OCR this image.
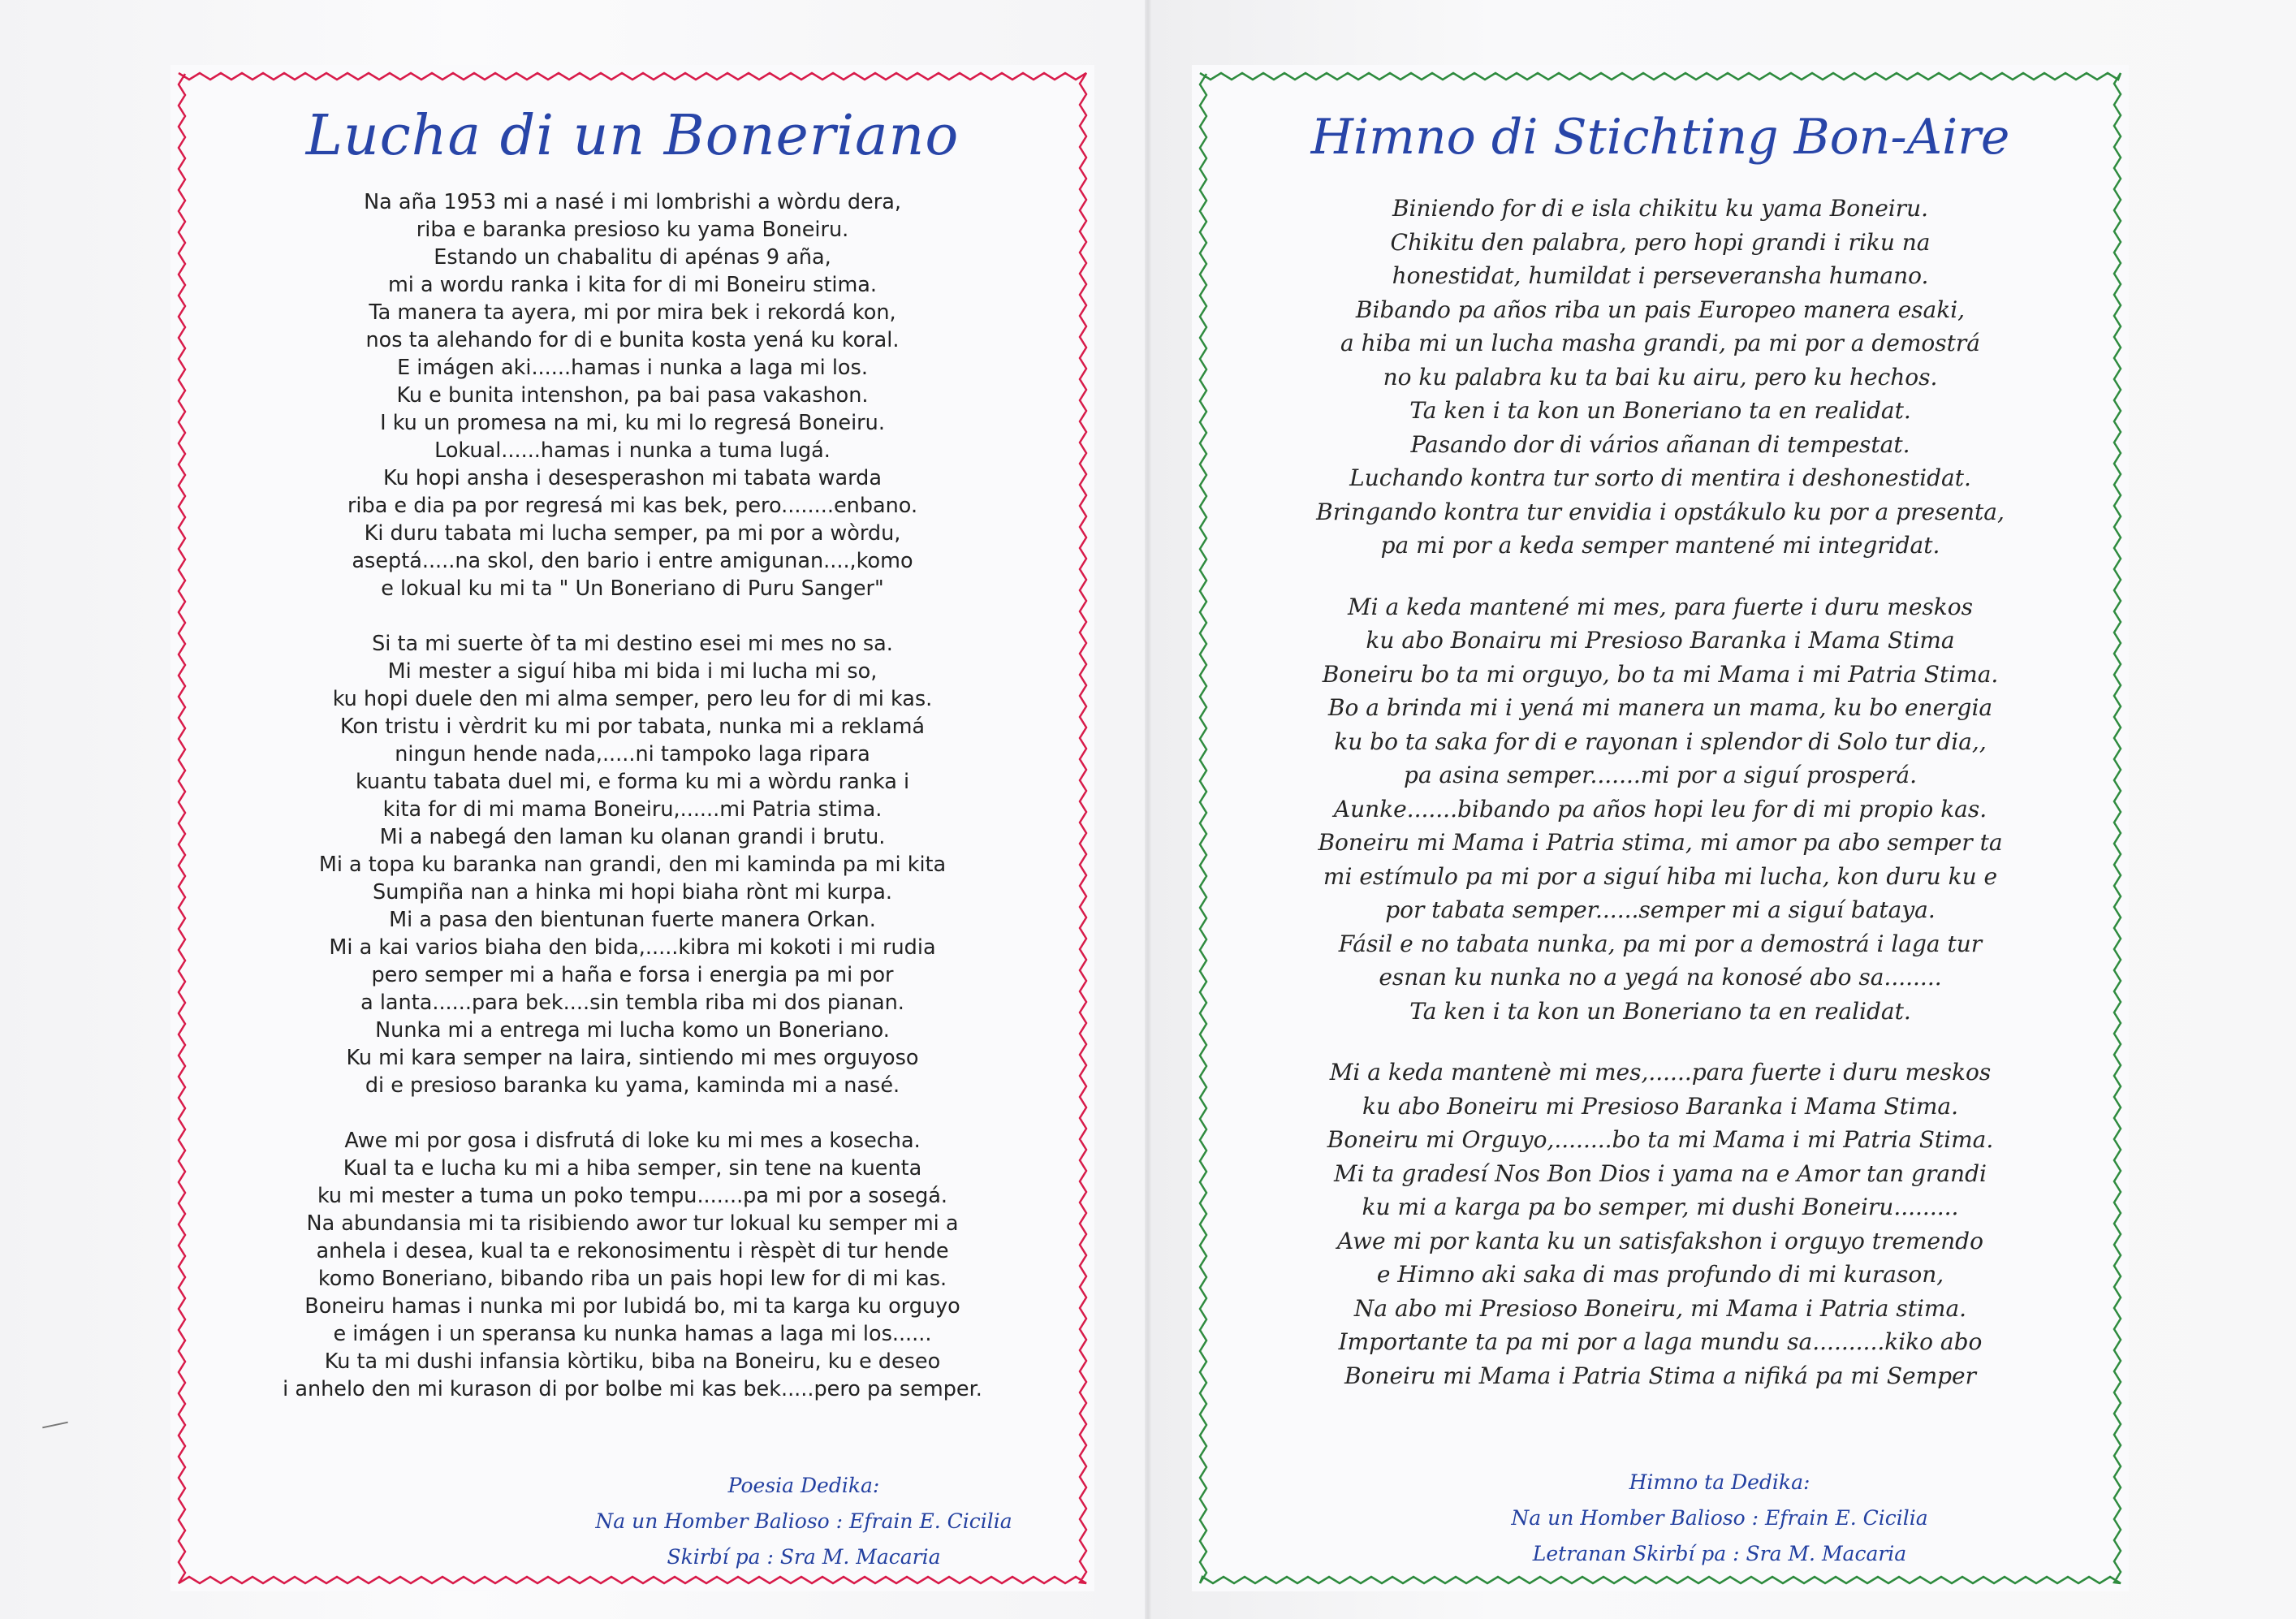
Lucha di un Boneriano

Na aña 1953 mi a nasé i mi lombrishi a wòrdu dera,
riba e baranka presioso ku yama Boneiru.
Estando un chabalitu di apénas 9 aña,
mi a wordu ranka i kita for di mi Boneiru stima.
Ta manera ta ayera, mi por mira bek i rekordá kon,
nos ta alehando for di e bunita kosta yená ku koral.
E imágen aki......hamas i nunka a laga mi los.
Ku e bunita intenshon, pa bai pasa vakashon.
I ku un promesa na mi, ku mi lo regresá Boneiru.
Lokual......hamas i nunka a tuma lugá.
Ku hopi ansha i desesperashon mi tabata warda
riba e dia pa por regresá mi kas bek, pero........enbano.
Ki duru tabata mi lucha semper, pa mi por a wòrdu,
aseptá.....na skol, den bario i entre amigunan....,komo
e lokual ku mi ta " Un Boneriano di Puru Sanger"

Si ta mi suerte òf ta mi destino esei mi mes no sa.
Mi mester a siguí hiba mi bida i mi lucha mi so,
ku hopi duele den mi alma semper, pero leu for di mi kas.
Kon tristu i vèrdrit ku mi por tabata, nunka mi a reklamá
ningun hende nada,.....ni tampoko laga ripara
kuantu tabata duel mi, e forma ku mi a wòrdu ranka i
kita for di mi mama Boneiru,......mi Patria stima.
Mi a nabegá den laman ku olanan grandi i brutu.
Mi a topa ku baranka nan grandi, den mi kaminda pa mi kita
Sumpiña nan a hinka mi hopi biaha rònt mi kurpa.
Mi a pasa den bientunan fuerte manera Orkan.
Mi a kai varios biaha den bida,.....kibra mi kokoti i mi rudia
pero semper mi a haña e forsa i energia pa mi por
a lanta......para bek....sin tembla riba mi dos pianan.
Nunka mi a entrega mi lucha komo un Boneriano.
Ku mi kara semper na laira, sintiendo mi mes orguyoso
di e presioso baranka ku yama, kaminda mi a nasé.

Awe mi por gosa i disfrutá di loke ku mi mes a kosecha.
Kual ta e lucha ku mi a hiba semper, sin tene na kuenta
ku mi mester a tuma un poko tempu.......pa mi por a sosegá.
Na abundansia mi ta risibiendo awor tur lokual ku semper mi a
anhela i desea, kual ta e rekonosimentu i rèspèt di tur hende
komo Boneriano, bibando riba un pais hopi lew for di mi kas.
Boneiru hamas i nunka mi por lubidá bo, mi ta karga ku orguyo
e imágen i un speransa ku nunka hamas a laga mi los......
Ku ta mi dushi infansia kòrtiku, biba na Boneiru, ku e deseo
i anhelo den mi kurason di por bolbe mi kas bek.....pero pa semper.

Poesia Dedika:
Na un Homber Balioso : Efrain E. Cicilia
Skirbí pa : Sra M. Macaria
Himno di Stichting Bon-Aire

Biniendo for di e isla chikitu ku yama Boneiru.
Chikitu den palabra, pero hopi grandi i riku na
honestidat, humildat i perseveransha humano.
Bibando pa años riba un pais Europeo manera esaki,
a hiba mi un lucha masha grandi, pa mi por a demostrá
no ku palabra ku ta bai ku airu, pero ku hechos.
Ta ken i ta kon un Boneriano ta en realidat.
Pasando dor di vários añanan di tempestat.
Luchando kontra tur sorto di mentira i deshonestidat.
Bringando kontra tur envidia i opstákulo ku por a presenta,
pa mi por a keda semper mantené mi integridat.

Mi a keda mantené mi mes, para fuerte i duru meskos
ku abo Bonairu mi Presioso Baranka i Mama Stima
Boneiru bo ta mi orguyo, bo ta mi Mama i mi Patria Stima.
Bo a brinda mi i yená mi manera un mama, ku bo energia
ku bo ta saka for di e rayonan i splendor di Solo tur dia,,
pa asina semper.......mi por a siguí prosperá.
Aunke.......bibando pa años hopi leu for di mi propio kas.
Boneiru mi Mama i Patria stima, mi amor pa abo semper ta
mi estímulo pa mi por a siguí hiba mi lucha, kon duru ku e
por tabata semper......semper mi a siguí bataya.
Fásil e no tabata nunka, pa mi por a demostrá i laga tur
esnan ku nunka no a yegá na konosé abo sa........
Ta ken i ta kon un Boneriano ta en realidat.

Mi a keda mantenè mi mes,......para fuerte i duru meskos
ku abo Boneiru mi Presioso Baranka i Mama Stima.
Boneiru mi Orguyo,........bo ta mi Mama i mi Patria Stima.
Mi ta gradesí Nos Bon Dios i yama na e Amor tan grandi
ku mi a karga pa bo semper, mi dushi Boneiru.........
Awe mi por kanta ku un satisfakshon i orguyo tremendo
e Himno aki saka di mas profundo di mi kurason,
Na abo mi Presioso Boneiru, mi Mama i Patria stima.
Importante ta pa mi por a laga mundu sa..........kiko abo
Boneiru mi Mama i Patria Stima a nifiká pa mi Semper

Himno ta Dedika:
Na un Homber Balioso : Efrain E. Cicilia
Letranan Skirbí pa : Sra M. Macaria
